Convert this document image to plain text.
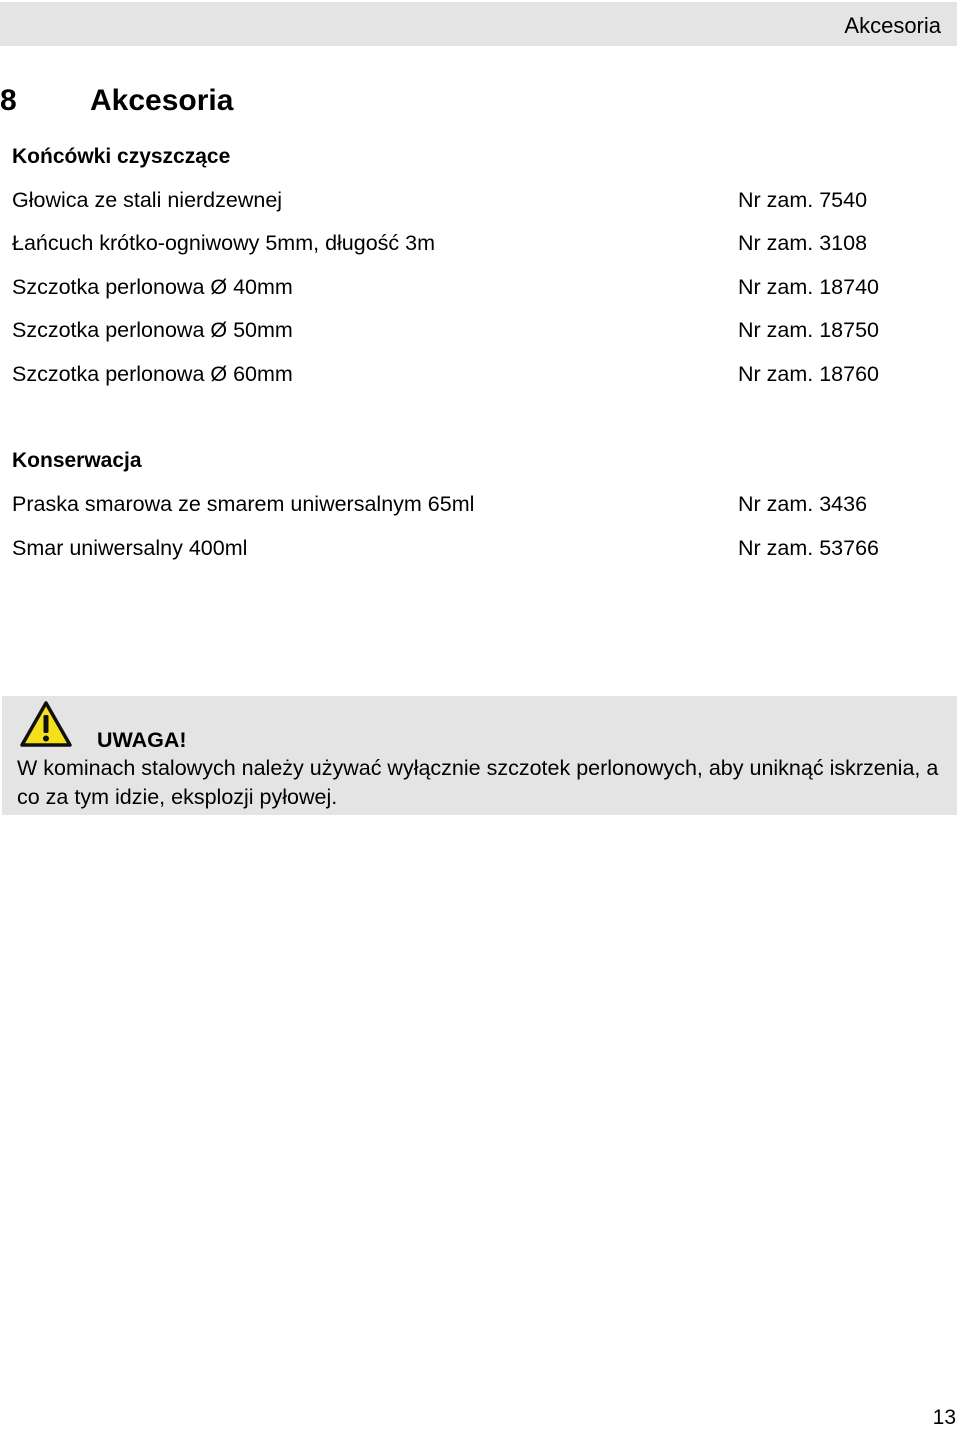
Akcesoria
8 Akcesoria
Końcówki czyszczące
Głowica ze stali nierdzewnej	Nr zam. 7540
Łańcuch krótko-ogniwowy 5mm, długość 3m	Nr zam. 3108
Szczotka perlonowa Ø 40mm	Nr zam. 18740
Szczotka perlonowa Ø 50mm	Nr zam. 18750
Szczotka perlonowa Ø 60mm	Nr zam. 18760
Konserwacja
Praska smarowa ze smarem uniwersalnym 65ml	Nr zam. 3436
Smar uniwersalny 400ml	Nr zam. 53766
UWAGA!
W kominach stalowych należy używać wyłącznie szczotek perlonowych, aby uniknąć iskrzenia, a co za tym idzie, eksplozji pyłowej.
13
